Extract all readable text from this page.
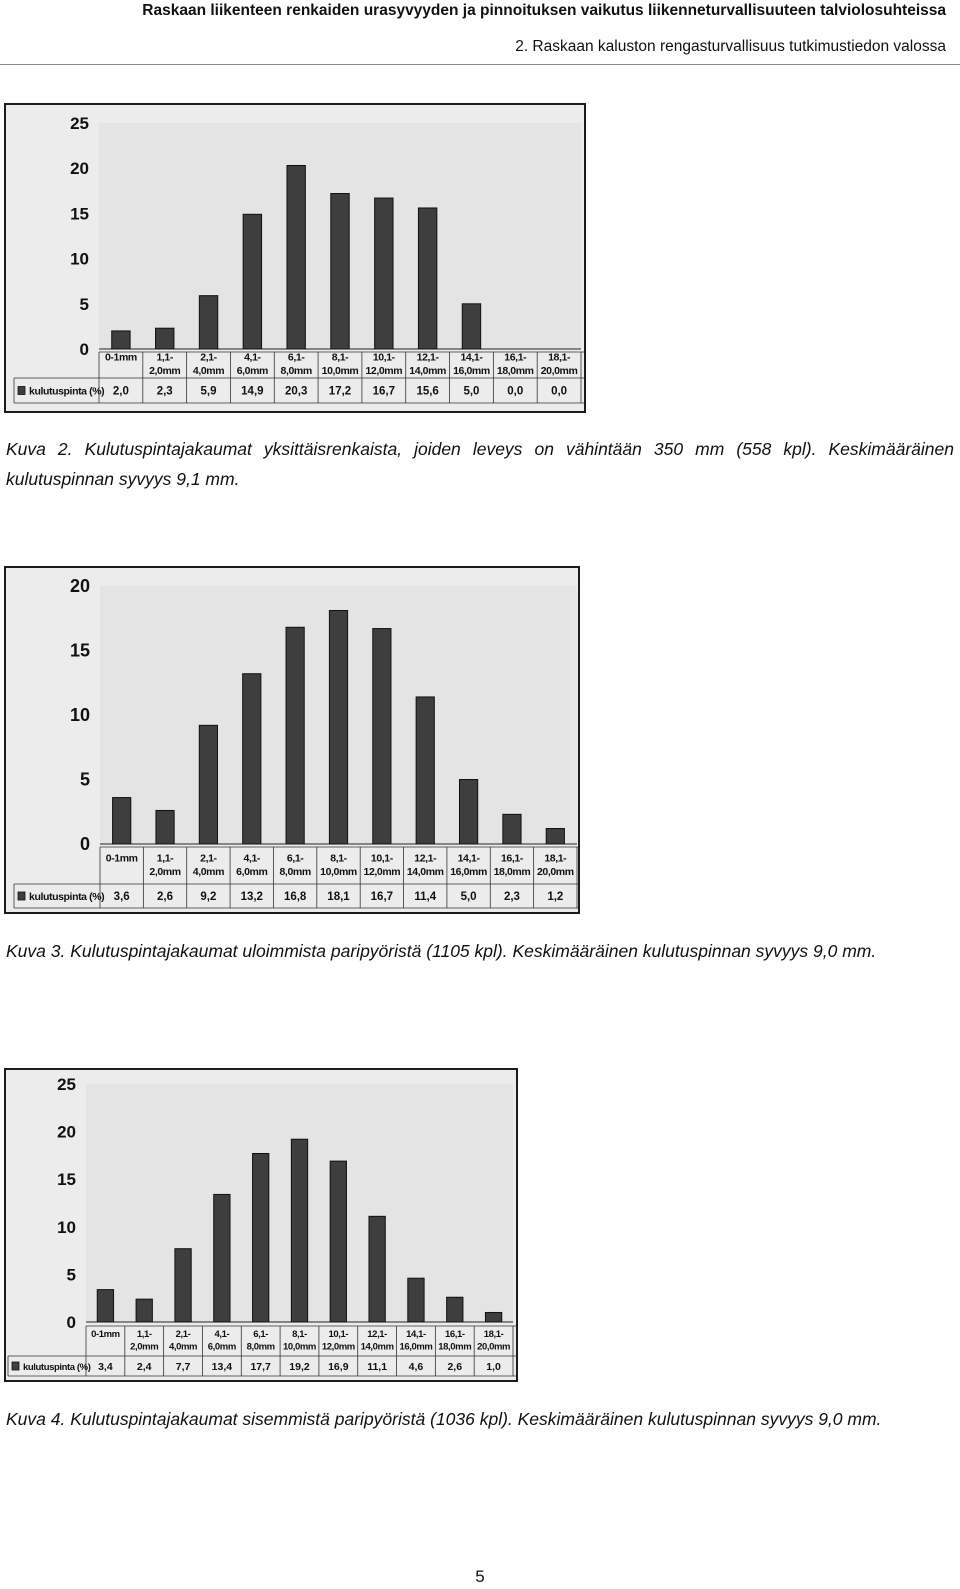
Raskaan liikenteen renkaiden urasyvyyden ja pinnoituksen vaikutus liikenneturvallisuuteen talviolosuhteissa
2. Raskaan kaluston rengasturvallisuus tutkimustiedon valossa
0
5
10
15
20
25
0-1mm 1,1-
2,0mm
2,1-
4,0mm
4,1-
6,0mm
6,1-
8,0mm
8,1-
10,0mm
10,1-
12,0mm
12,1-
14,0mm
14,1-
16,0mm
16,1-
18,0mm
18,1-
20,0mm
kulutuspinta (%) 2,0 2,3 5,9 14,9 20,3 17,2 16,7 15,6 5,0 0,0 0,0
Kuva 2. Kulutuspintajakaumat yksittäisrenkaista, joiden leveys on vähintään 350 mm (558 kpl). Keskimääräinen kulutuspinnan syvyys 9,1 mm.
0
5
10
15
20
0-1mm 1,1-
2,0mm
2,1-
4,0mm
4,1-
6,0mm
6,1-
8,0mm
8,1-
10,0mm
10,1-
12,0mm
12,1-
14,0mm
14,1-
16,0mm
16,1-
18,0mm
18,1-
20,0mm
kulutuspinta (%) 3,6 2,6 9,2 13,2 16,8 18,1 16,7 11,4 5,0 2,3 1,2
Kuva 3. Kulutuspintajakaumat uloimmista paripyöristä (1105 kpl). Keskimääräinen kulutuspinnan syvyys 9,0 mm.
0
5
10
15
20
25
0-1mm 1,1-
2,0mm
2,1-
4,0mm
4,1-
6,0mm
6,1-
8,0mm
8,1-
10,0mm
10,1-
12,0mm
12,1-
14,0mm
14,1-
16,0mm
16,1-
18,0mm
18,1-
20,0mm
kulutuspinta (%) 3,4 2,4 7,7 13,4 17,7 19,2 16,9 11,1 4,6 2,6 1,0
Kuva 4. Kulutuspintajakaumat sisemmistä paripyöristä (1036 kpl). Keskimääräinen kulutuspinnan syvyys 9,0 mm.
5
